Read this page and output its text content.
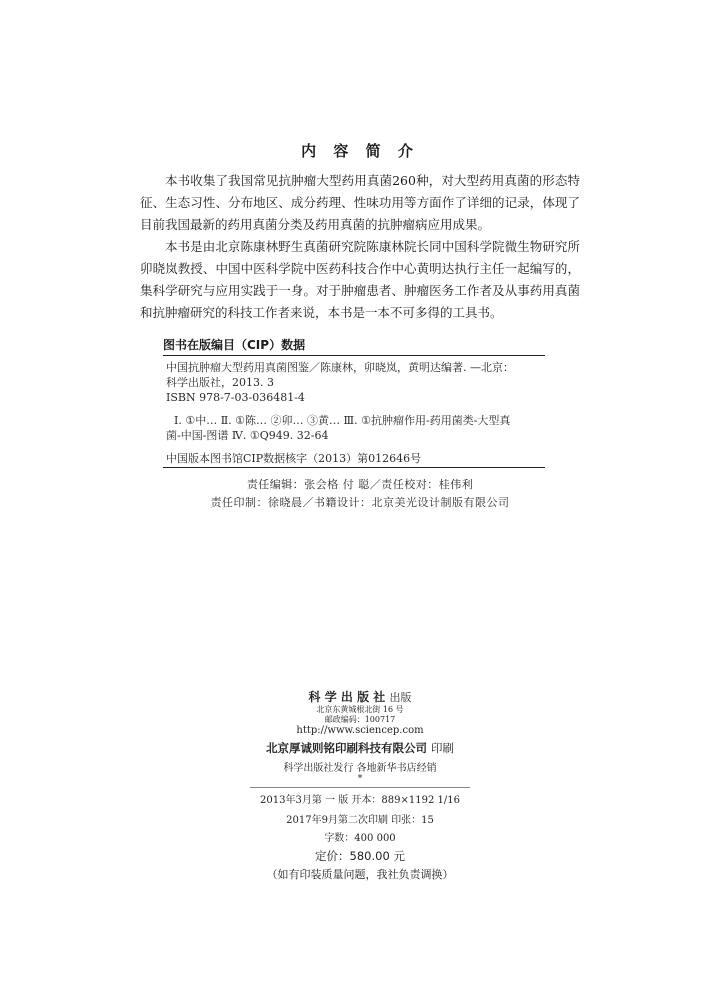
内 容 简 介

本书收集了我国常见抗肿瘤大型药用真菌260种，对大型药用真菌的形态特征、生态习性、分布地区、成分药理、性味功用等方面作了详细的记录，体现了目前我国最新的药用真菌分类及药用真菌的抗肿瘤病应用成果。

本书是由北京陈康林野生真菌研究院陈康林院长同中国科学院微生物研究所卯晓岚教授、中国中医科学院中医药科技合作中心黄明达执行主任一起编写的，集科学研究与应用实践于一身。对于肿瘤患者、肿瘤医务工作者及从事药用真菌和抗肿瘤研究的科技工作者来说，本书是一本不可多得的工具书。

图书在版编目（CIP）数据
中国抗肿瘤大型药用真菌图鉴／陈康林，卯晓岚，黄明达编著. —北京：
科学出版社，2013. 3
ISBN 978-7-03-036481-4
Ⅰ. ①中… Ⅱ. ①陈… ②卯… ③黄… Ⅲ. ①抗肿瘤作用-药用菌类-大型真
菌-中国-图谱 Ⅳ. ①Q949. 32-64
中国版本图书馆CIP数据核字（2013）第012646号
责任编辑：张会格 付 聪／责任校对：桂伟利
责任印制：徐晓晨／书籍设计：北京美光设计制版有限公司
科 学 出 版 社 出版
北京东黄城根北街 16 号
邮政编码：100717
http://www.sciencep.com
北京厚诚则铭印刷科技有限公司 印刷
科学出版社发行 各地新华书店经销
*
2013年3月第 一 版 开本：889×1192 1/16
2017年9月第二次印刷 印张：15
字数：400 000
定价：580.00 元
（如有印装质量问题，我社负责调换）
